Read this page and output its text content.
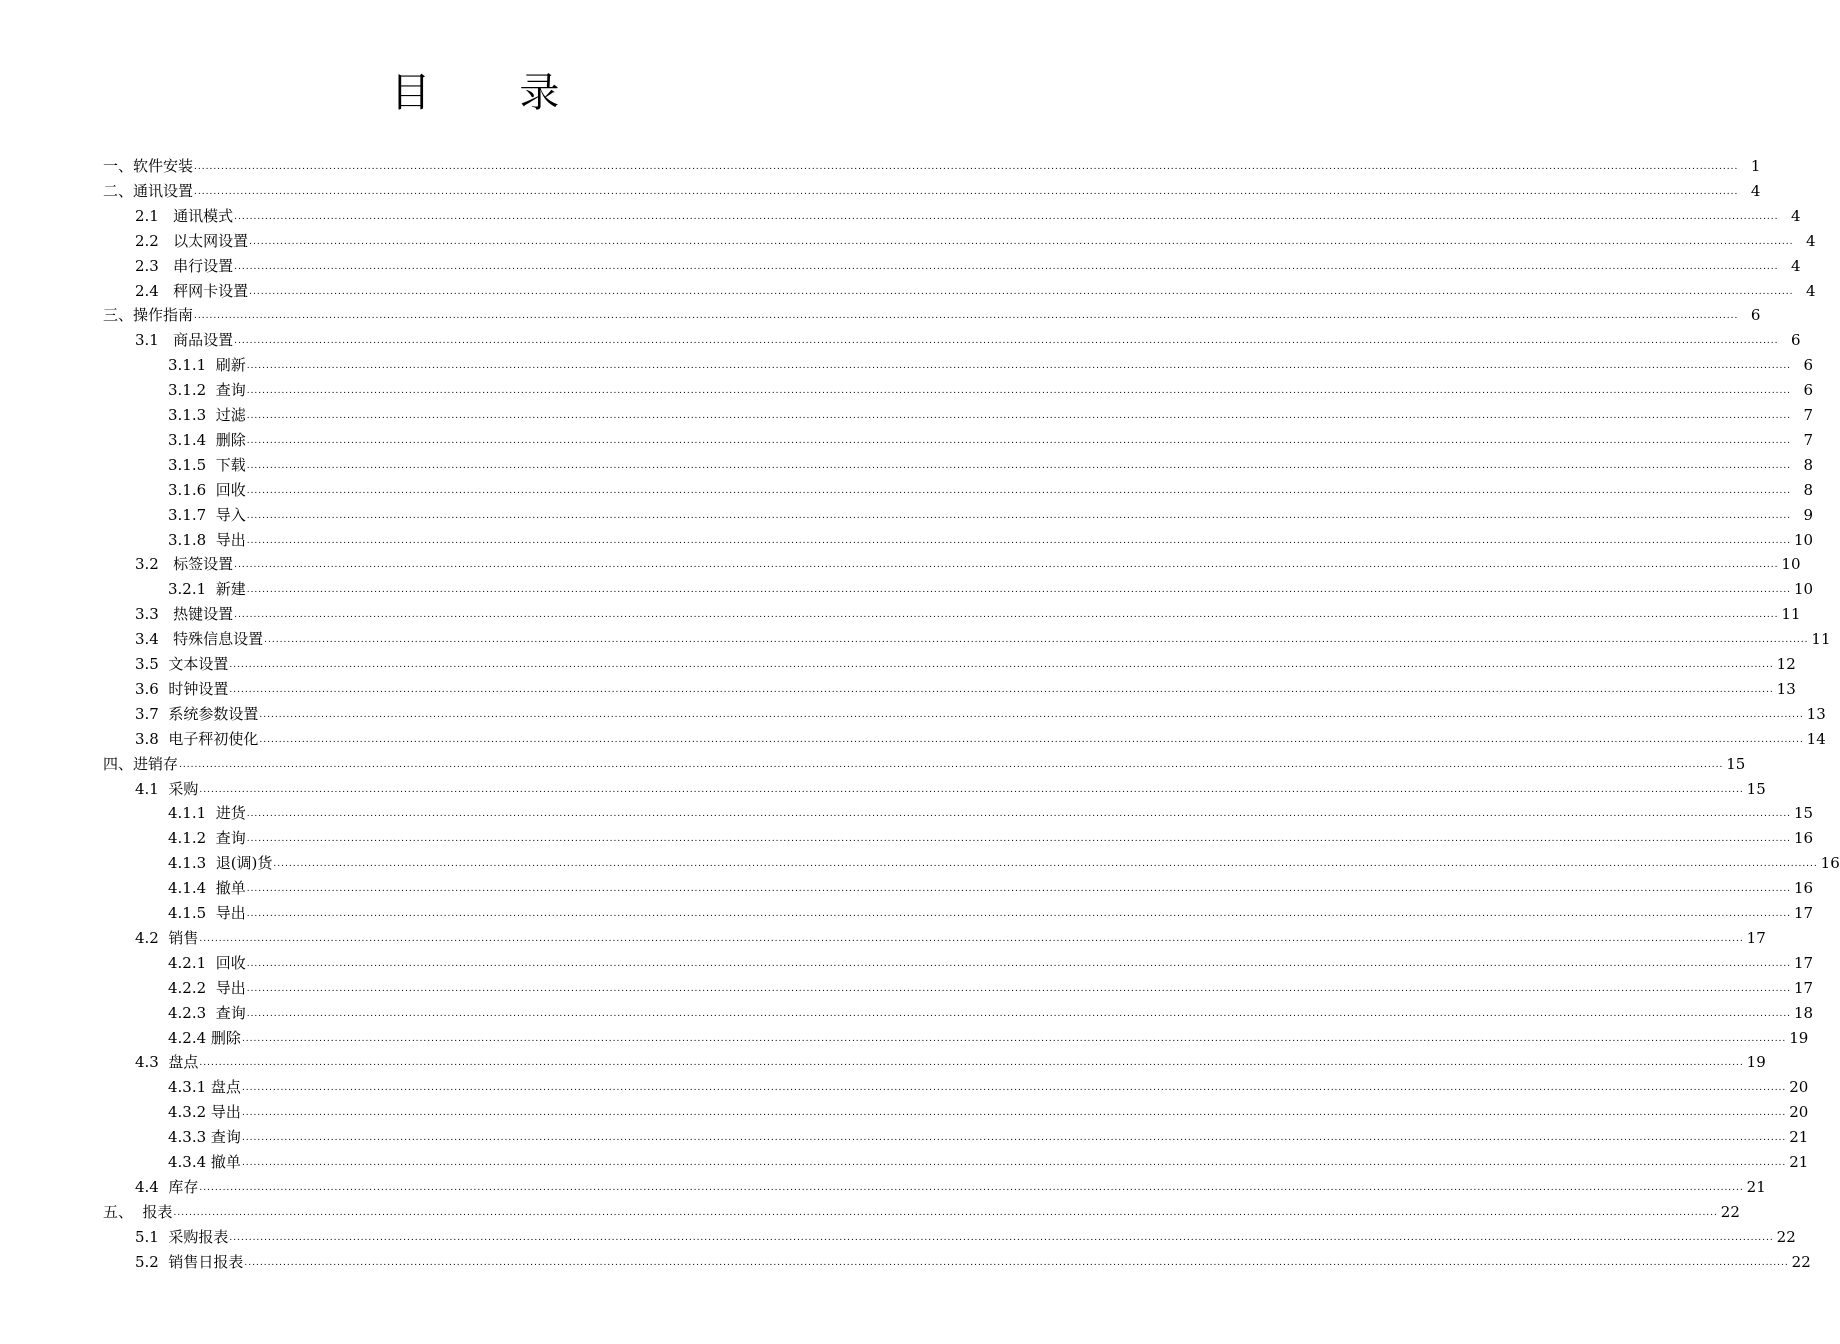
目 录
一、软件安装 ................................................................................................................................................................................................................................................................................................................................................................................................................ 1
二、通讯设置 ................................................................................................................................................................................................................................................................................................................................................................................................................ 4
2.1   通讯模式 ................................................................................................................................................................................................................................................................................................................................................................................................................ 4
2.2   以太网设置 ................................................................................................................................................................................................................................................................................................................................................................................................................ 4
2.3   串行设置 ................................................................................................................................................................................................................................................................................................................................................................................................................ 4
2.4   秤网卡设置 ................................................................................................................................................................................................................................................................................................................................................................................................................ 4
三、操作指南 ................................................................................................................................................................................................................................................................................................................................................................................................................ 6
3.1   商品设置 ................................................................................................................................................................................................................................................................................................................................................................................................................ 6
3.1.1  刷新 ................................................................................................................................................................................................................................................................................................................................................................................................................ 6
3.1.2  查询 ................................................................................................................................................................................................................................................................................................................................................................................................................ 6
3.1.3  过滤 ................................................................................................................................................................................................................................................................................................................................................................................................................ 7
3.1.4  删除 ................................................................................................................................................................................................................................................................................................................................................................................................................ 7
3.1.5  下载 ................................................................................................................................................................................................................................................................................................................................................................................................................ 8
3.1.6  回收 ................................................................................................................................................................................................................................................................................................................................................................................................................ 8
3.1.7  导入 ................................................................................................................................................................................................................................................................................................................................................................................................................ 9
3.1.8  导出 ................................................................................................................................................................................................................................................................................................................................................................................................................ 10
3.2   标签设置 ................................................................................................................................................................................................................................................................................................................................................................................................................ 10
3.2.1  新建 ................................................................................................................................................................................................................................................................................................................................................................................................................ 10
3.3   热键设置 ................................................................................................................................................................................................................................................................................................................................................................................................................ 11
3.4   特殊信息设置 ................................................................................................................................................................................................................................................................................................................................................................................................................ 11
3.5  文本设置 ................................................................................................................................................................................................................................................................................................................................................................................................................ 12
3.6  时钟设置 ................................................................................................................................................................................................................................................................................................................................................................................................................ 13
3.7  系统参数设置 ................................................................................................................................................................................................................................................................................................................................................................................................................ 13
3.8  电子秤初使化 ................................................................................................................................................................................................................................................................................................................................................................................................................ 14
四、进销存 ................................................................................................................................................................................................................................................................................................................................................................................................................ 15
4.1  采购 ................................................................................................................................................................................................................................................................................................................................................................................................................ 15
4.1.1  进货 ................................................................................................................................................................................................................................................................................................................................................................................................................ 15
4.1.2  查询 ................................................................................................................................................................................................................................................................................................................................................................................................................ 16
4.1.3  退(调)货 ................................................................................................................................................................................................................................................................................................................................................................................................................ 16
4.1.4  撤单 ................................................................................................................................................................................................................................................................................................................................................................................................................ 16
4.1.5  导出 ................................................................................................................................................................................................................................................................................................................................................................................................................ 17
4.2  销售 ................................................................................................................................................................................................................................................................................................................................................................................................................ 17
4.2.1  回收 ................................................................................................................................................................................................................................................................................................................................................................................................................ 17
4.2.2  导出 ................................................................................................................................................................................................................................................................................................................................................................................................................ 17
4.2.3  查询 ................................................................................................................................................................................................................................................................................................................................................................................................................ 18
4.2.4 删除 ................................................................................................................................................................................................................................................................................................................................................................................................................ 19
4.3  盘点 ................................................................................................................................................................................................................................................................................................................................................................................................................ 19
4.3.1 盘点 ................................................................................................................................................................................................................................................................................................................................................................................................................ 20
4.3.2 导出 ................................................................................................................................................................................................................................................................................................................................................................................................................ 20
4.3.3 查询 ................................................................................................................................................................................................................................................................................................................................................................................................................ 21
4.3.4 撤单 ................................................................................................................................................................................................................................................................................................................................................................................................................ 21
4.4  库存 ................................................................................................................................................................................................................................................................................................................................................................................................................ 21
五、  报表 ................................................................................................................................................................................................................................................................................................................................................................................................................ 22
5.1  采购报表 ................................................................................................................................................................................................................................................................................................................................................................................................................ 22
5.2  销售日报表 ................................................................................................................................................................................................................................................................................................................................................................................................................ 22
